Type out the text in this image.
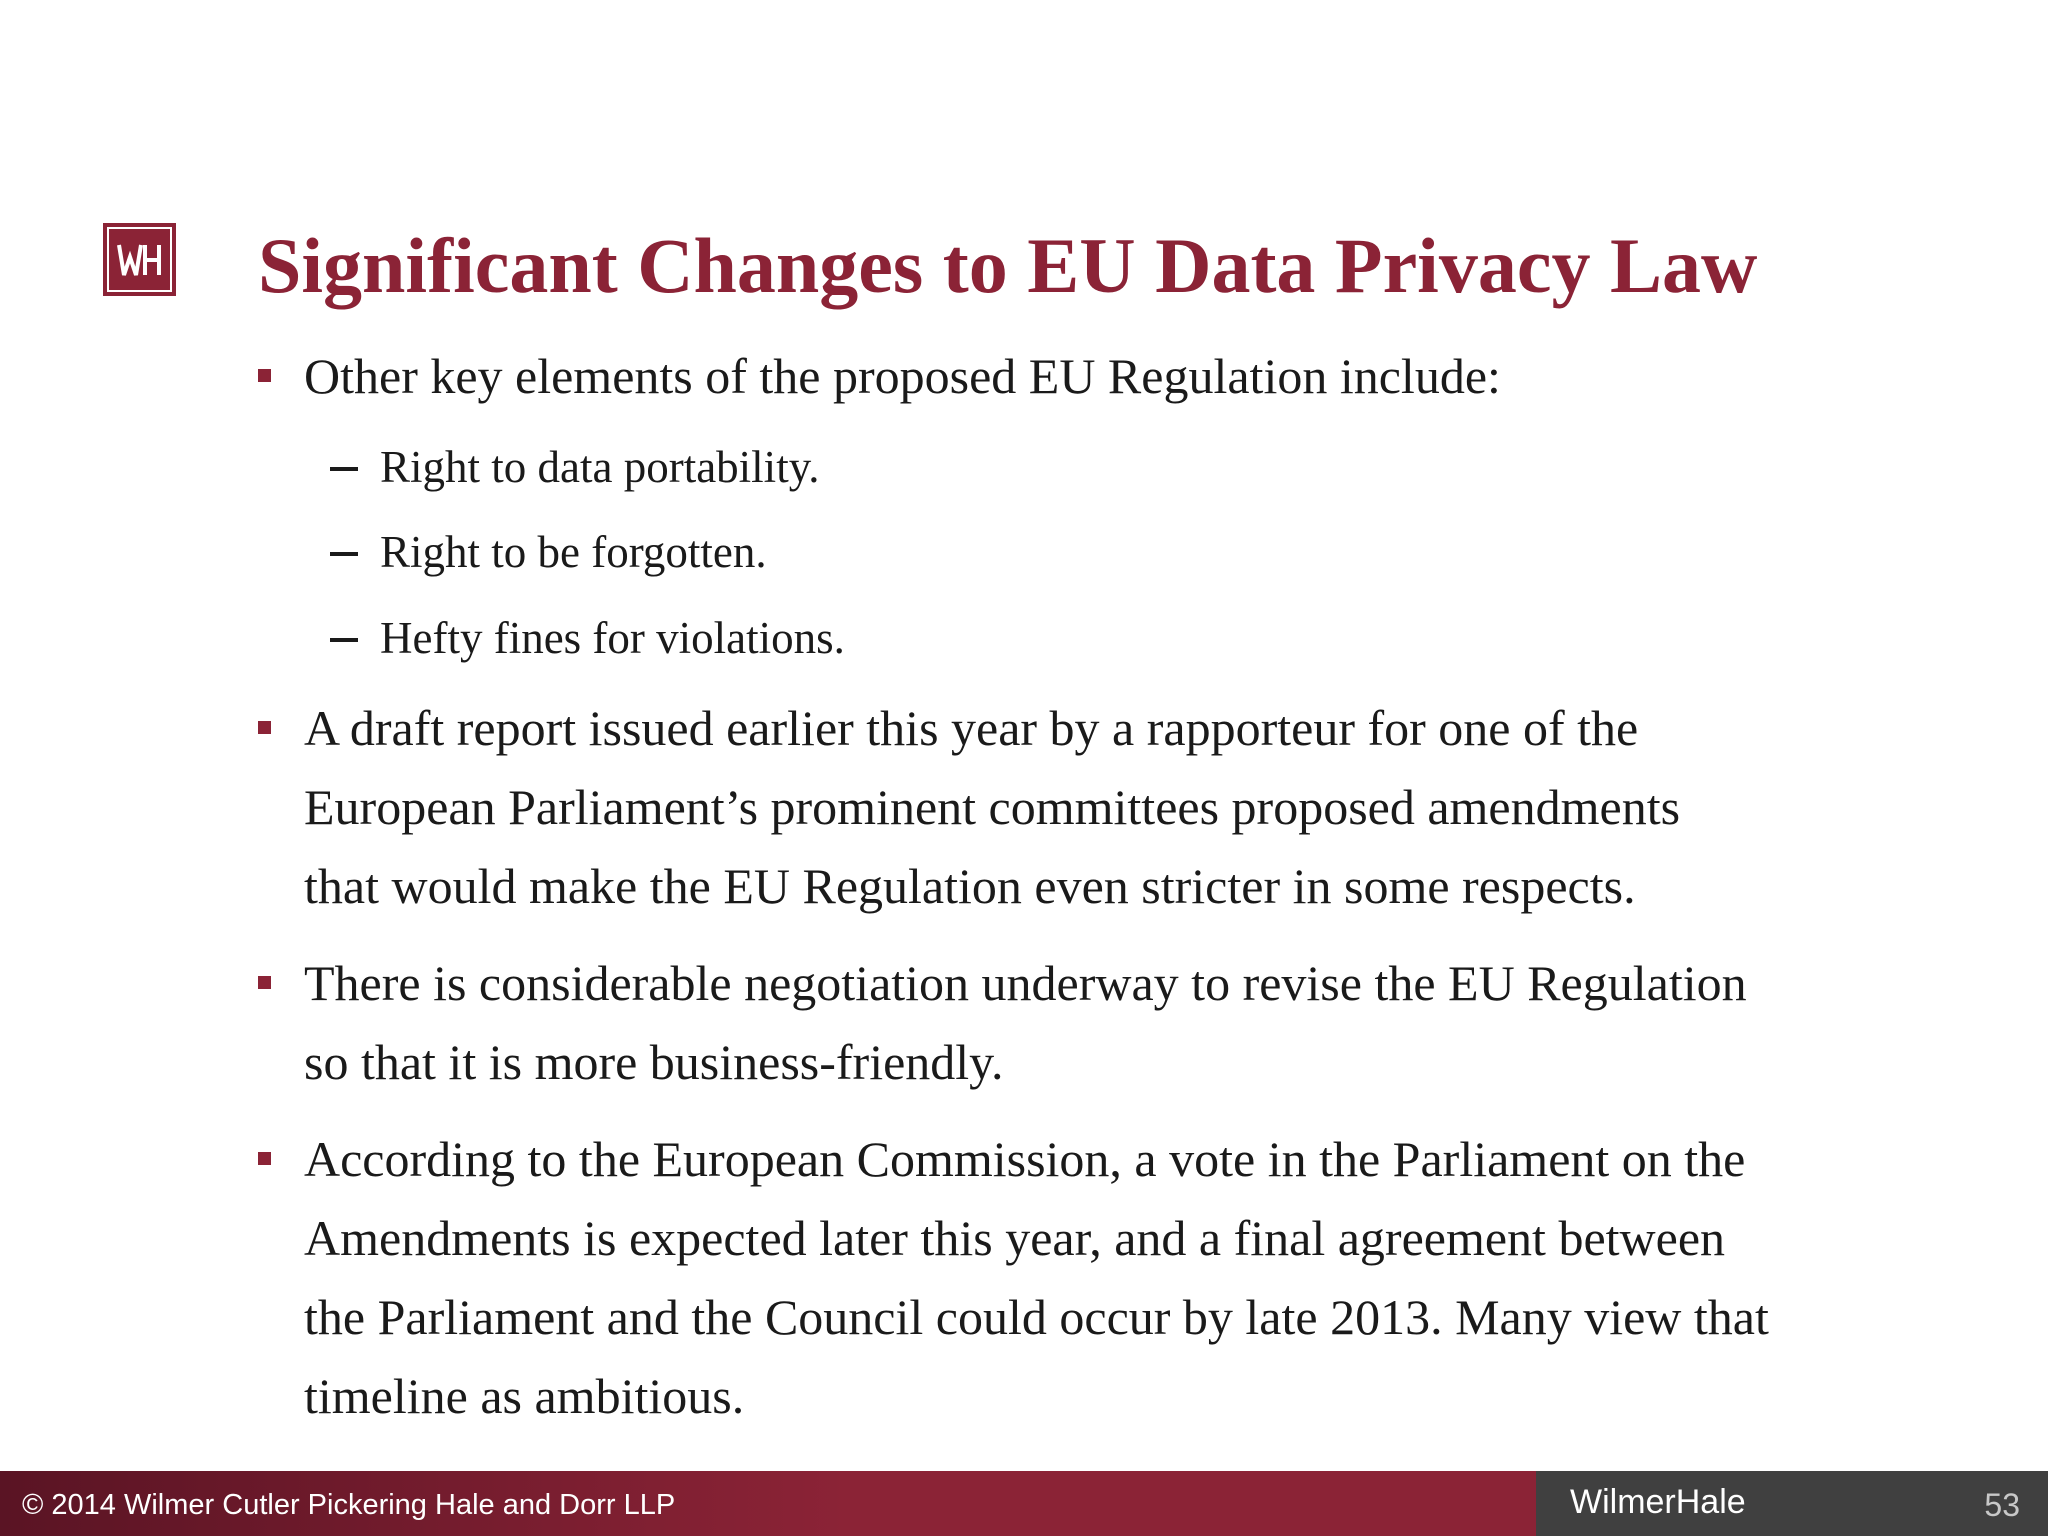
Significant Changes to EU Data Privacy Law
Other key elements of the proposed EU Regulation include:
Right to data portability.
Right to be forgotten.
Hefty fines for violations.
A draft report issued earlier this year by a rapporteur for one of the
European Parliament’s prominent committees proposed amendments
that would make the EU Regulation even stricter in some respects.
There is considerable negotiation underway to revise the EU Regulation
so that it is more business-friendly.
According to the European Commission, a vote in the Parliament on the
Amendments is expected later this year, and a final agreement between
the Parliament and the Council could occur by late 2013. Many view that
timeline as ambitious.
© 2014 Wilmer Cutler Pickering Hale and Dorr LLP	WilmerHale	53
